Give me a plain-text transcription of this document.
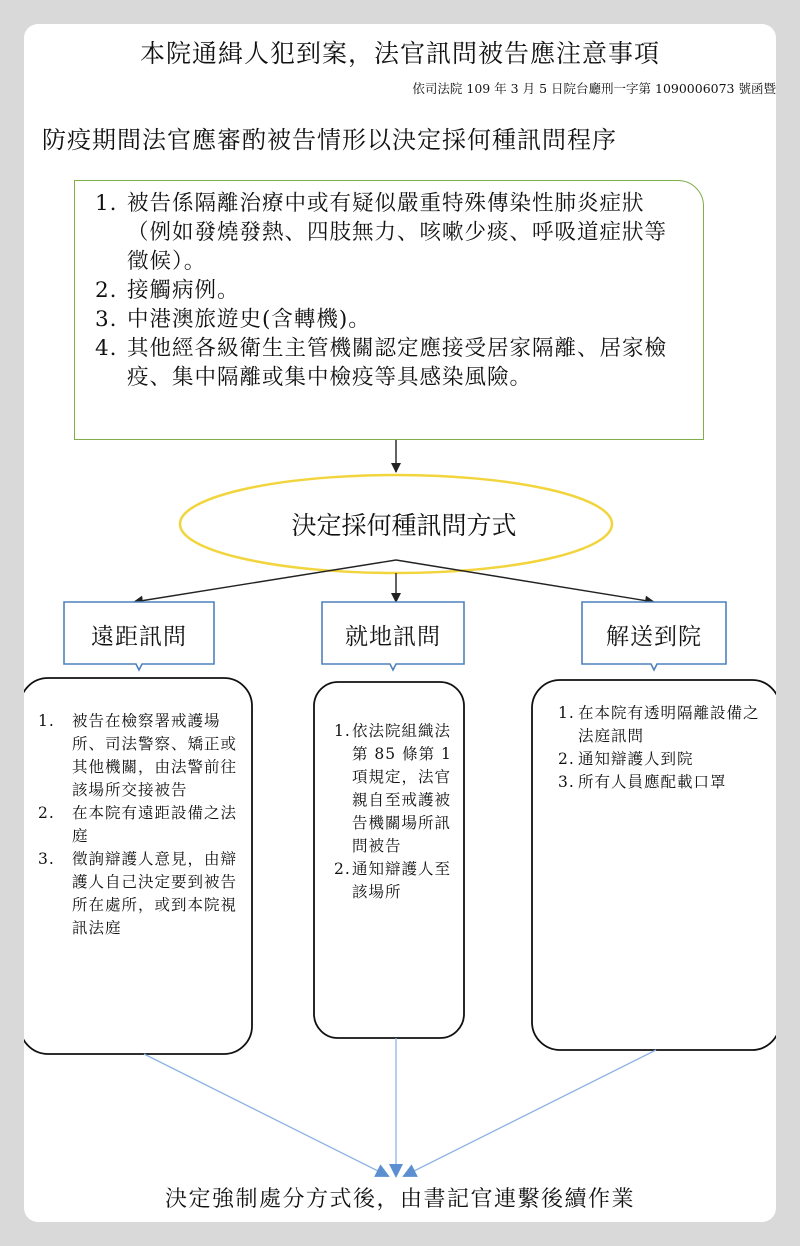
本院通緝人犯到案，法官訊問被告應注意事項
依司法院 109 年 3 月 5 日院台廳刑一字第 1090006073 號函暨
防疫期間法官應審酌被告情形以決定採何種訊問程序
1. 被告係隔離治療中或有疑似嚴重特殊傳染性肺炎症狀（例如發燒發熱、四肢無力、咳嗽少痰、呼吸道症狀等徵候）。
2. 接觸病例。
3. 中港澳旅遊史(含轉機)。
4. 其他經各級衛生主管機關認定應接受居家隔離、居家檢疫、集中隔離或集中檢疫等具感染風險。
決定採何種訊問方式
遠距訊問	就地訊問	解送到院
1.	被告在檢察署戒護場所、司法警察、矯正或其他機關，由法警前往該場所交接被告
2.	在本院有遠距設備之法庭
3.	徵詢辯護人意見，由辯護人自己決定要到被告所在處所，或到本院視訊法庭
1. 依法院組織法第 85 條第 1 項規定，法官親自至戒護被告機關場所訊問被告
2. 通知辯護人至該場所
1. 在本院有透明隔離設備之法庭訊問
2. 通知辯護人到院
3. 所有人員應配載口罩
決定強制處分方式後，由書記官連繫後續作業
